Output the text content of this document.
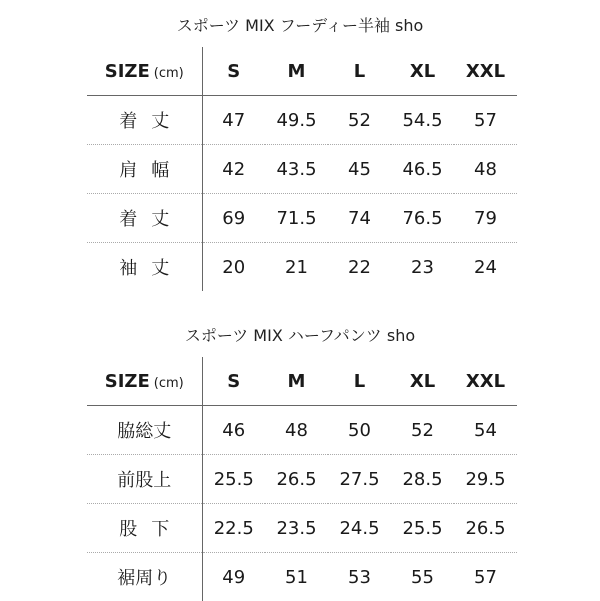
スポーツ MIX フーディー半袖 sho
SIZE (cm)	S	M	L	XL	XXL
着丈	47	49.5	52	54.5	57
肩幅	42	43.5	45	46.5	48
着丈	69	71.5	74	76.5	79
袖丈	20	21	22	23	24
スポーツ MIX ハーフパンツ sho
SIZE (cm)	S	M	L	XL	XXL
脇総丈	46	48	50	52	54
前股上	25.5	26.5	27.5	28.5	29.5
股下	22.5	23.5	24.5	25.5	26.5
裾周り	49	51	53	55	57
